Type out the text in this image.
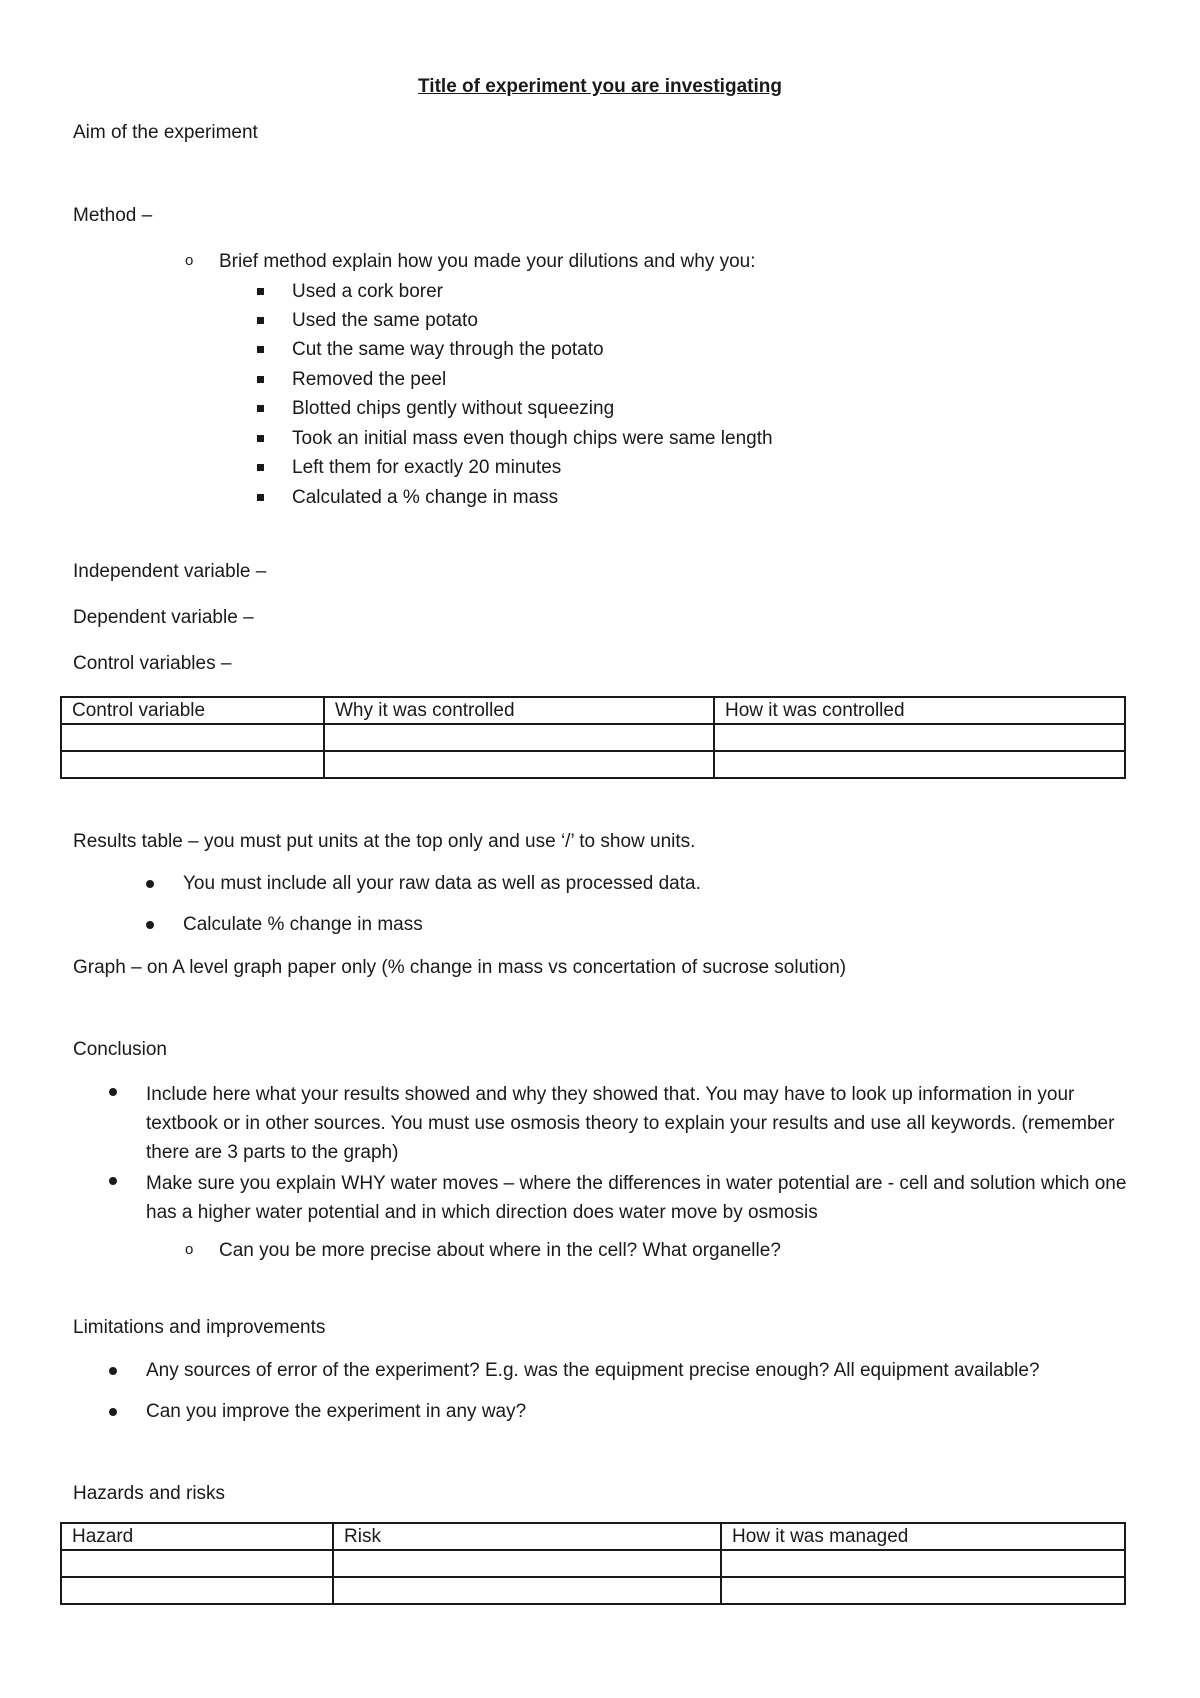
Title of experiment you are investigating
Aim of the experiment
Method –
o Brief method explain how you made your dilutions and why you:
Used a cork borer
Used the same potato
Cut the same way through the potato
Removed the peel
Blotted chips gently without squeezing
Took an initial mass even though chips were same length
Left them for exactly 20 minutes
Calculated a % change in mass
Independent variable –
Dependent variable –
Control variables –
Control variable	Why it was controlled	How it was controlled

Results table – you must put units at the top only and use ‘/’ to show units.
You must include all your raw data as well as processed data.
Calculate % change in mass
Graph – on A level graph paper only (% change in mass vs concertation of sucrose solution)
Conclusion
Include here what your results showed and why they showed that. You may have to look up information in your textbook or in other sources. You must use osmosis theory to explain your results and use all keywords. (remember there are 3 parts to the graph)
Make sure you explain WHY water moves – where the differences in water potential are - cell and solution which one has a higher water potential and in which direction does water move by osmosis
o Can you be more precise about where in the cell? What organelle?
Limitations and improvements
Any sources of error of the experiment? E.g. was the equipment precise enough? All equipment available?
Can you improve the experiment in any way?
Hazards and risks
Hazard	Risk	How it was managed
